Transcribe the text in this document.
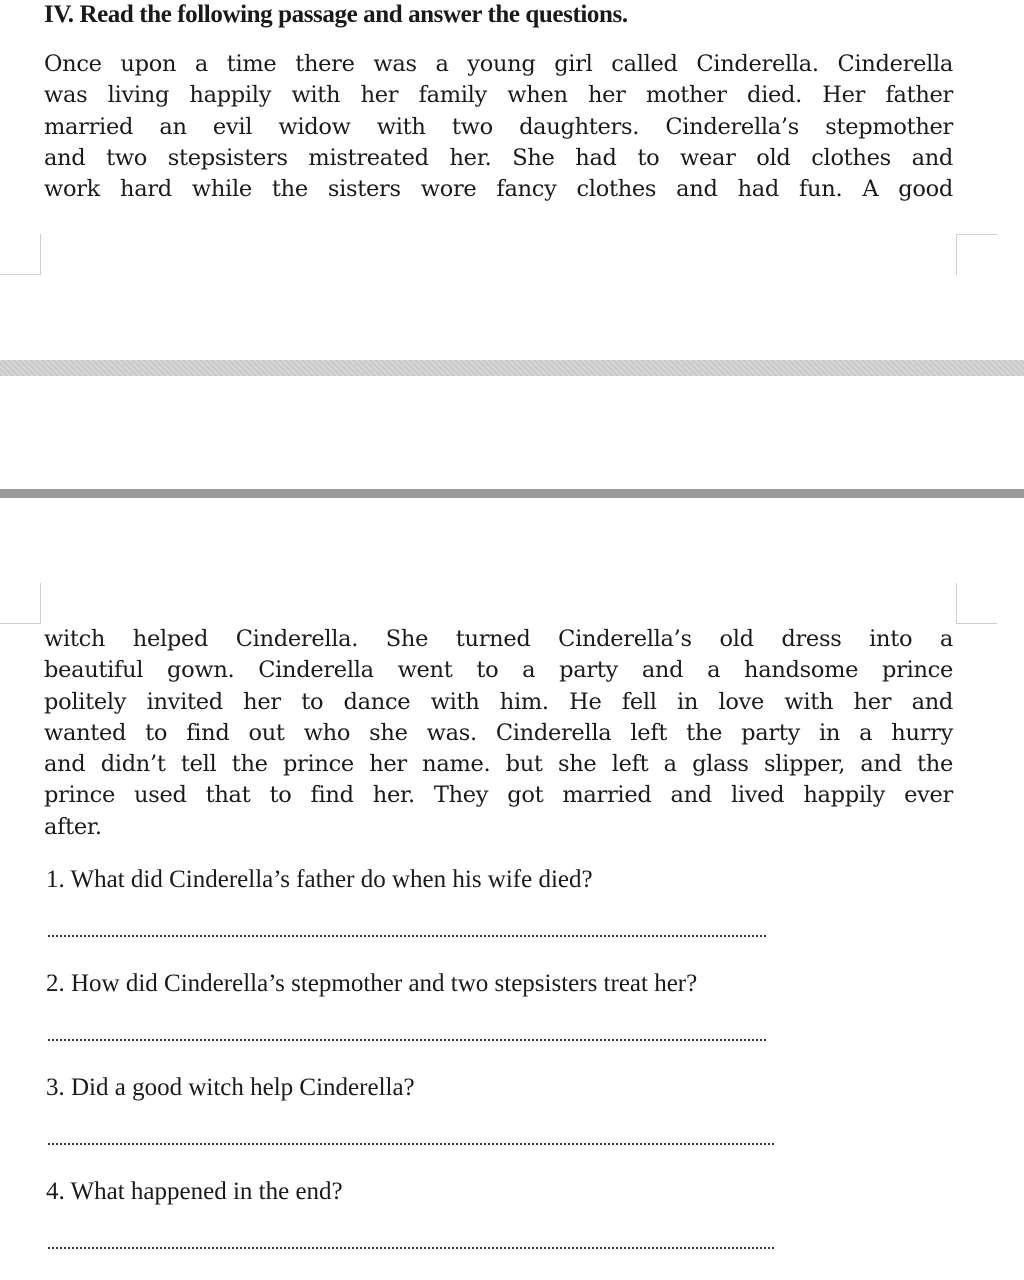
IV. Read the following passage and answer the questions.
Once upon a time there was a young girl called Cinderella. Cinderella
was living happily with her family when her mother died. Her father
married an evil widow with two daughters. Cinderella’s stepmother
and two stepsisters mistreated her. She had to wear old clothes and
work hard while the sisters wore fancy clothes and had fun. A good
witch helped Cinderella. She turned Cinderella’s old dress into a
beautiful gown. Cinderella went to a party and a handsome prince
politely invited her to dance with him. He fell in love with her and
wanted to find out who she was. Cinderella left the party in a hurry
and didn’t tell the prince her name. but she left a glass slipper, and the
prince used that to find her. They got married and lived happily ever
after.
1. What did Cinderella’s father do when his wife died?
2. How did Cinderella’s stepmother and two stepsisters treat her?
3. Did a good witch help Cinderella?
4. What happened in the end?
